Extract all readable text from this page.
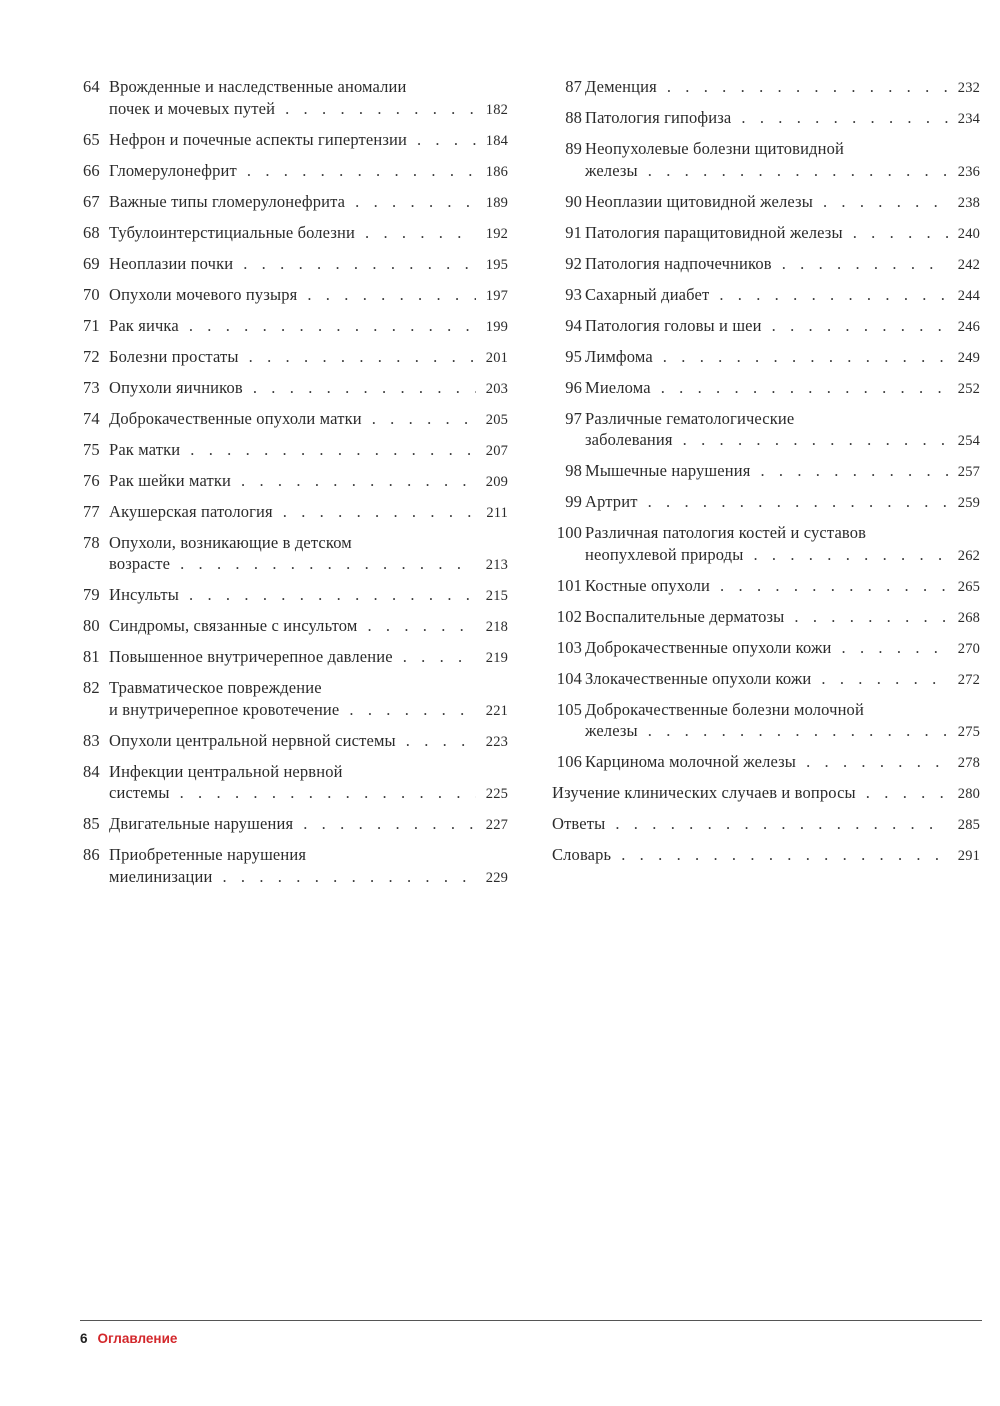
64 Врожденные и наследственные аномалии
почек и мочевых путей . . .	182
65 Нефрон и почечные аспекты гипертензии . . .	184
66 Гломерулонефрит . . .	186
67 Важные типы гломерулонефрита . . .	189
68 Тубулоинтерстициальные болезни . . .	192
69 Неоплазии почки . . .	195
70 Опухоли мочевого пузыря . . .	197
71 Рак яичка . . .	199
72 Болезни простаты . . .	201
73 Опухоли яичников . . .	203
74 Доброкачественные опухоли матки . . .	205
75 Рак матки . . .	207
76 Рак шейки матки . . .	209
77 Акушерская патология . . .	211
78 Опухоли, возникающие в детском
возрасте . . .	213
79 Инсульты . . .	215
80 Синдромы, связанные с инсультом . . .	218
81 Повышенное внутричерепное давление . . .	219
82 Травматическое повреждение
и внутричерепное кровотечение . . .	221
83 Опухоли центральной нервной системы . . .	223
84 Инфекции центральной нервной
системы . . .	225
85 Двигательные нарушения . . .	227
86 Приобретенные нарушения
миелинизации . . .	229
87 Деменция . . .	232
88 Патология гипофиза . . .	234
89 Неопухолевые болезни щитовидной
железы . . .	236
90 Неоплазии щитовидной железы . . .	238
91 Патология паращитовидной железы . . .	240
92 Патология надпочечников . . .	242
93 Сахарный диабет . . .	244
94 Патология головы и шеи . . .	246
95 Лимфома . . .	249
96 Миелома . . .	252
97 Различные гематологические
заболевания . . .	254
98 Мышечные нарушения . . .	257
99 Артрит . . .	259
100 Различная патология костей и суставов
неопухлевой природы . . .	262
101 Костные опухоли . . .	265
102 Воспалительные дерматозы . . .	268
103 Доброкачественные опухоли кожи . . .	270
104 Злокачественные опухоли кожи . . .	272
105 Доброкачественные болезни молочной
железы . . .	275
106 Карцинома молочной железы . . .	278
Изучение клинических случаев и вопросы . . .	280
Ответы . . .	285
Словарь . . .	291
6 Оглавление
